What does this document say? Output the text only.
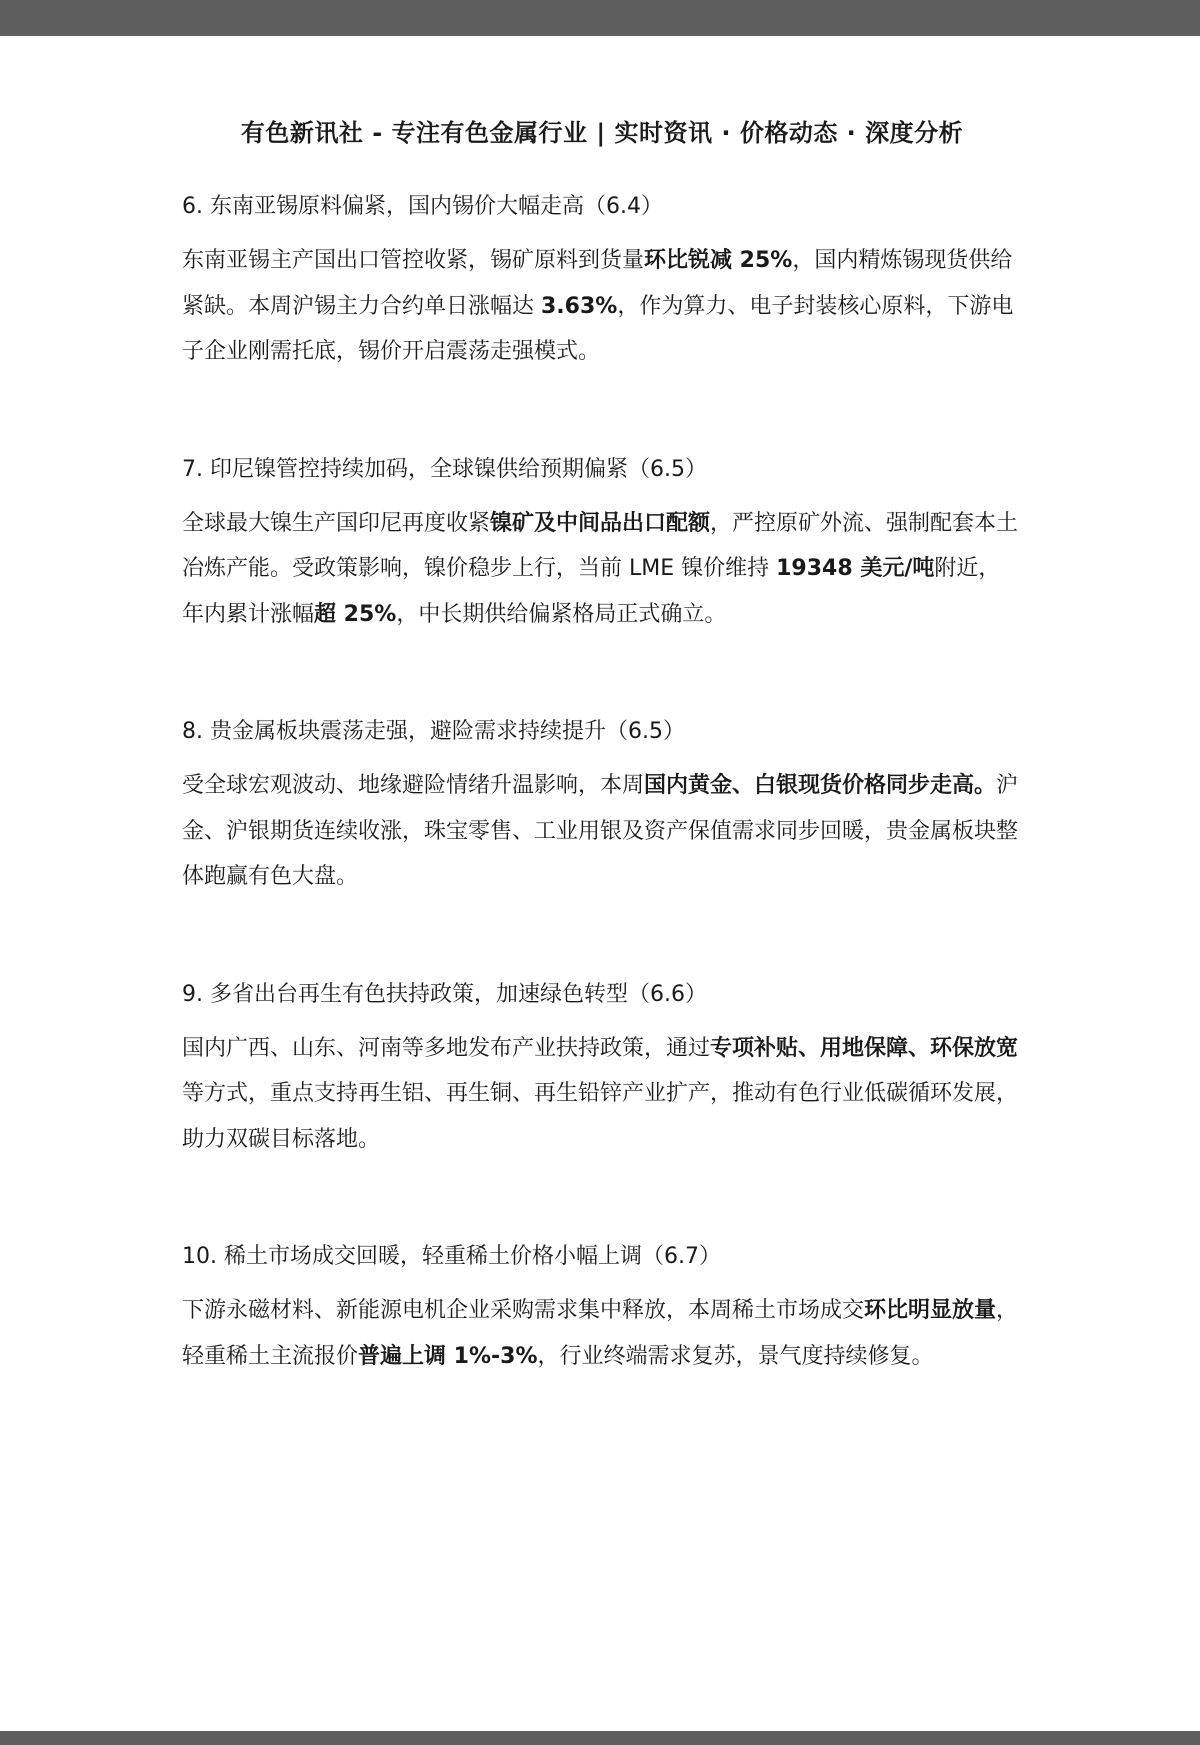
有色新讯社 - 专注有色金属行业 | 实时资讯 · 价格动态 · 深度分析

6. 东南亚锡原料偏紧，国内锡价大幅走高（6.4）

东南亚锡主产国出口管控收紧，锡矿原料到货量环比锐减 25%，国内精炼锡现货供给紧缺。本周沪锡主力合约单日涨幅达 3.63%，作为算力、电子封装核心原料，下游电子企业刚需托底，锡价开启震荡走强模式。

7. 印尼镍管控持续加码，全球镍供给预期偏紧（6.5）

全球最大镍生产国印尼再度收紧镍矿及中间品出口配额，严控原矿外流、强制配套本土冶炼产能。受政策影响，镍价稳步上行，当前 LME 镍价维持 19348 美元/吨附近，年内累计涨幅超 25%，中长期供给偏紧格局正式确立。

8. 贵金属板块震荡走强，避险需求持续提升（6.5）

受全球宏观波动、地缘避险情绪升温影响，本周国内黄金、白银现货价格同步走高。沪金、沪银期货连续收涨，珠宝零售、工业用银及资产保值需求同步回暖，贵金属板块整体跑赢有色大盘。

9. 多省出台再生有色扶持政策，加速绿色转型（6.6）

国内广西、山东、河南等多地发布产业扶持政策，通过专项补贴、用地保障、环保放宽等方式，重点支持再生铝、再生铜、再生铅锌产业扩产，推动有色行业低碳循环发展，助力双碳目标落地。

10. 稀土市场成交回暖，轻重稀土价格小幅上调（6.7）

下游永磁材料、新能源电机企业采购需求集中释放，本周稀土市场成交环比明显放量，轻重稀土主流报价普遍上调 1%-3%，行业终端需求复苏，景气度持续修复。
